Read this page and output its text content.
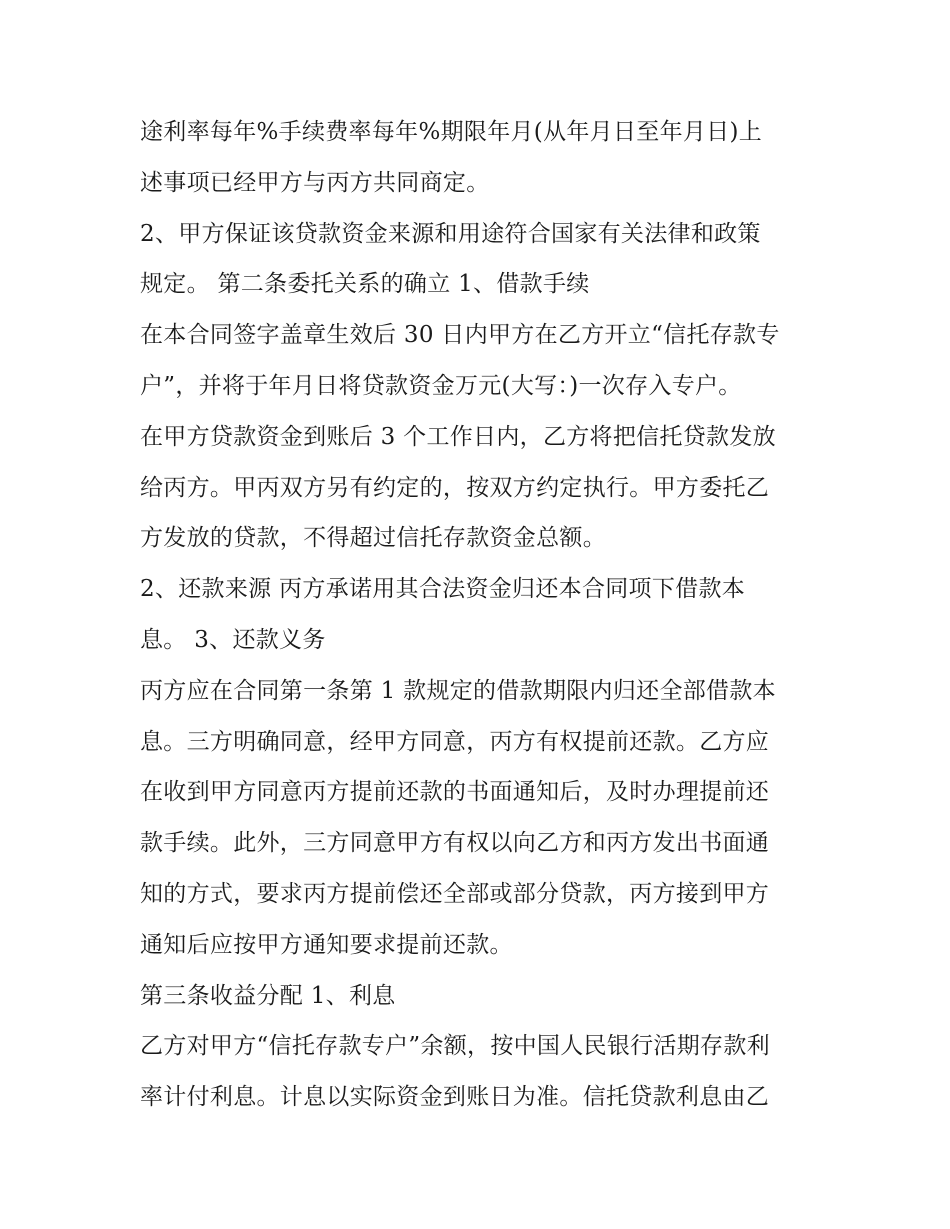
途利率每年%手续费率每年%期限年月(从年月日至年月日)上
述事项已经甲方与丙方共同商定。
2、甲方保证该贷款资金来源和用途符合国家有关法律和政策
规定。 第二条委托关系的确立 1、借款手续
在本合同签字盖章生效后 30 日内甲方在乙方开立“信托存款专
户”，并将于年月日将贷款资金万元(大写：)一次存入专户。
在甲方贷款资金到账后 3 个工作日内，乙方将把信托贷款发放
给丙方。甲丙双方另有约定的，按双方约定执行。甲方委托乙
方发放的贷款，不得超过信托存款资金总额。
2、还款来源 丙方承诺用其合法资金归还本合同项下借款本
息。 3、还款义务
丙方应在合同第一条第 1 款规定的借款期限内归还全部借款本
息。三方明确同意，经甲方同意，丙方有权提前还款。乙方应
在收到甲方同意丙方提前还款的书面通知后，及时办理提前还
款手续。此外，三方同意甲方有权以向乙方和丙方发出书面通
知的方式，要求丙方提前偿还全部或部分贷款，丙方接到甲方
通知后应按甲方通知要求提前还款。
第三条收益分配 1、利息
乙方对甲方“信托存款专户”余额，按中国人民银行活期存款利
率计付利息。计息以实际资金到账日为准。信托贷款利息由乙
